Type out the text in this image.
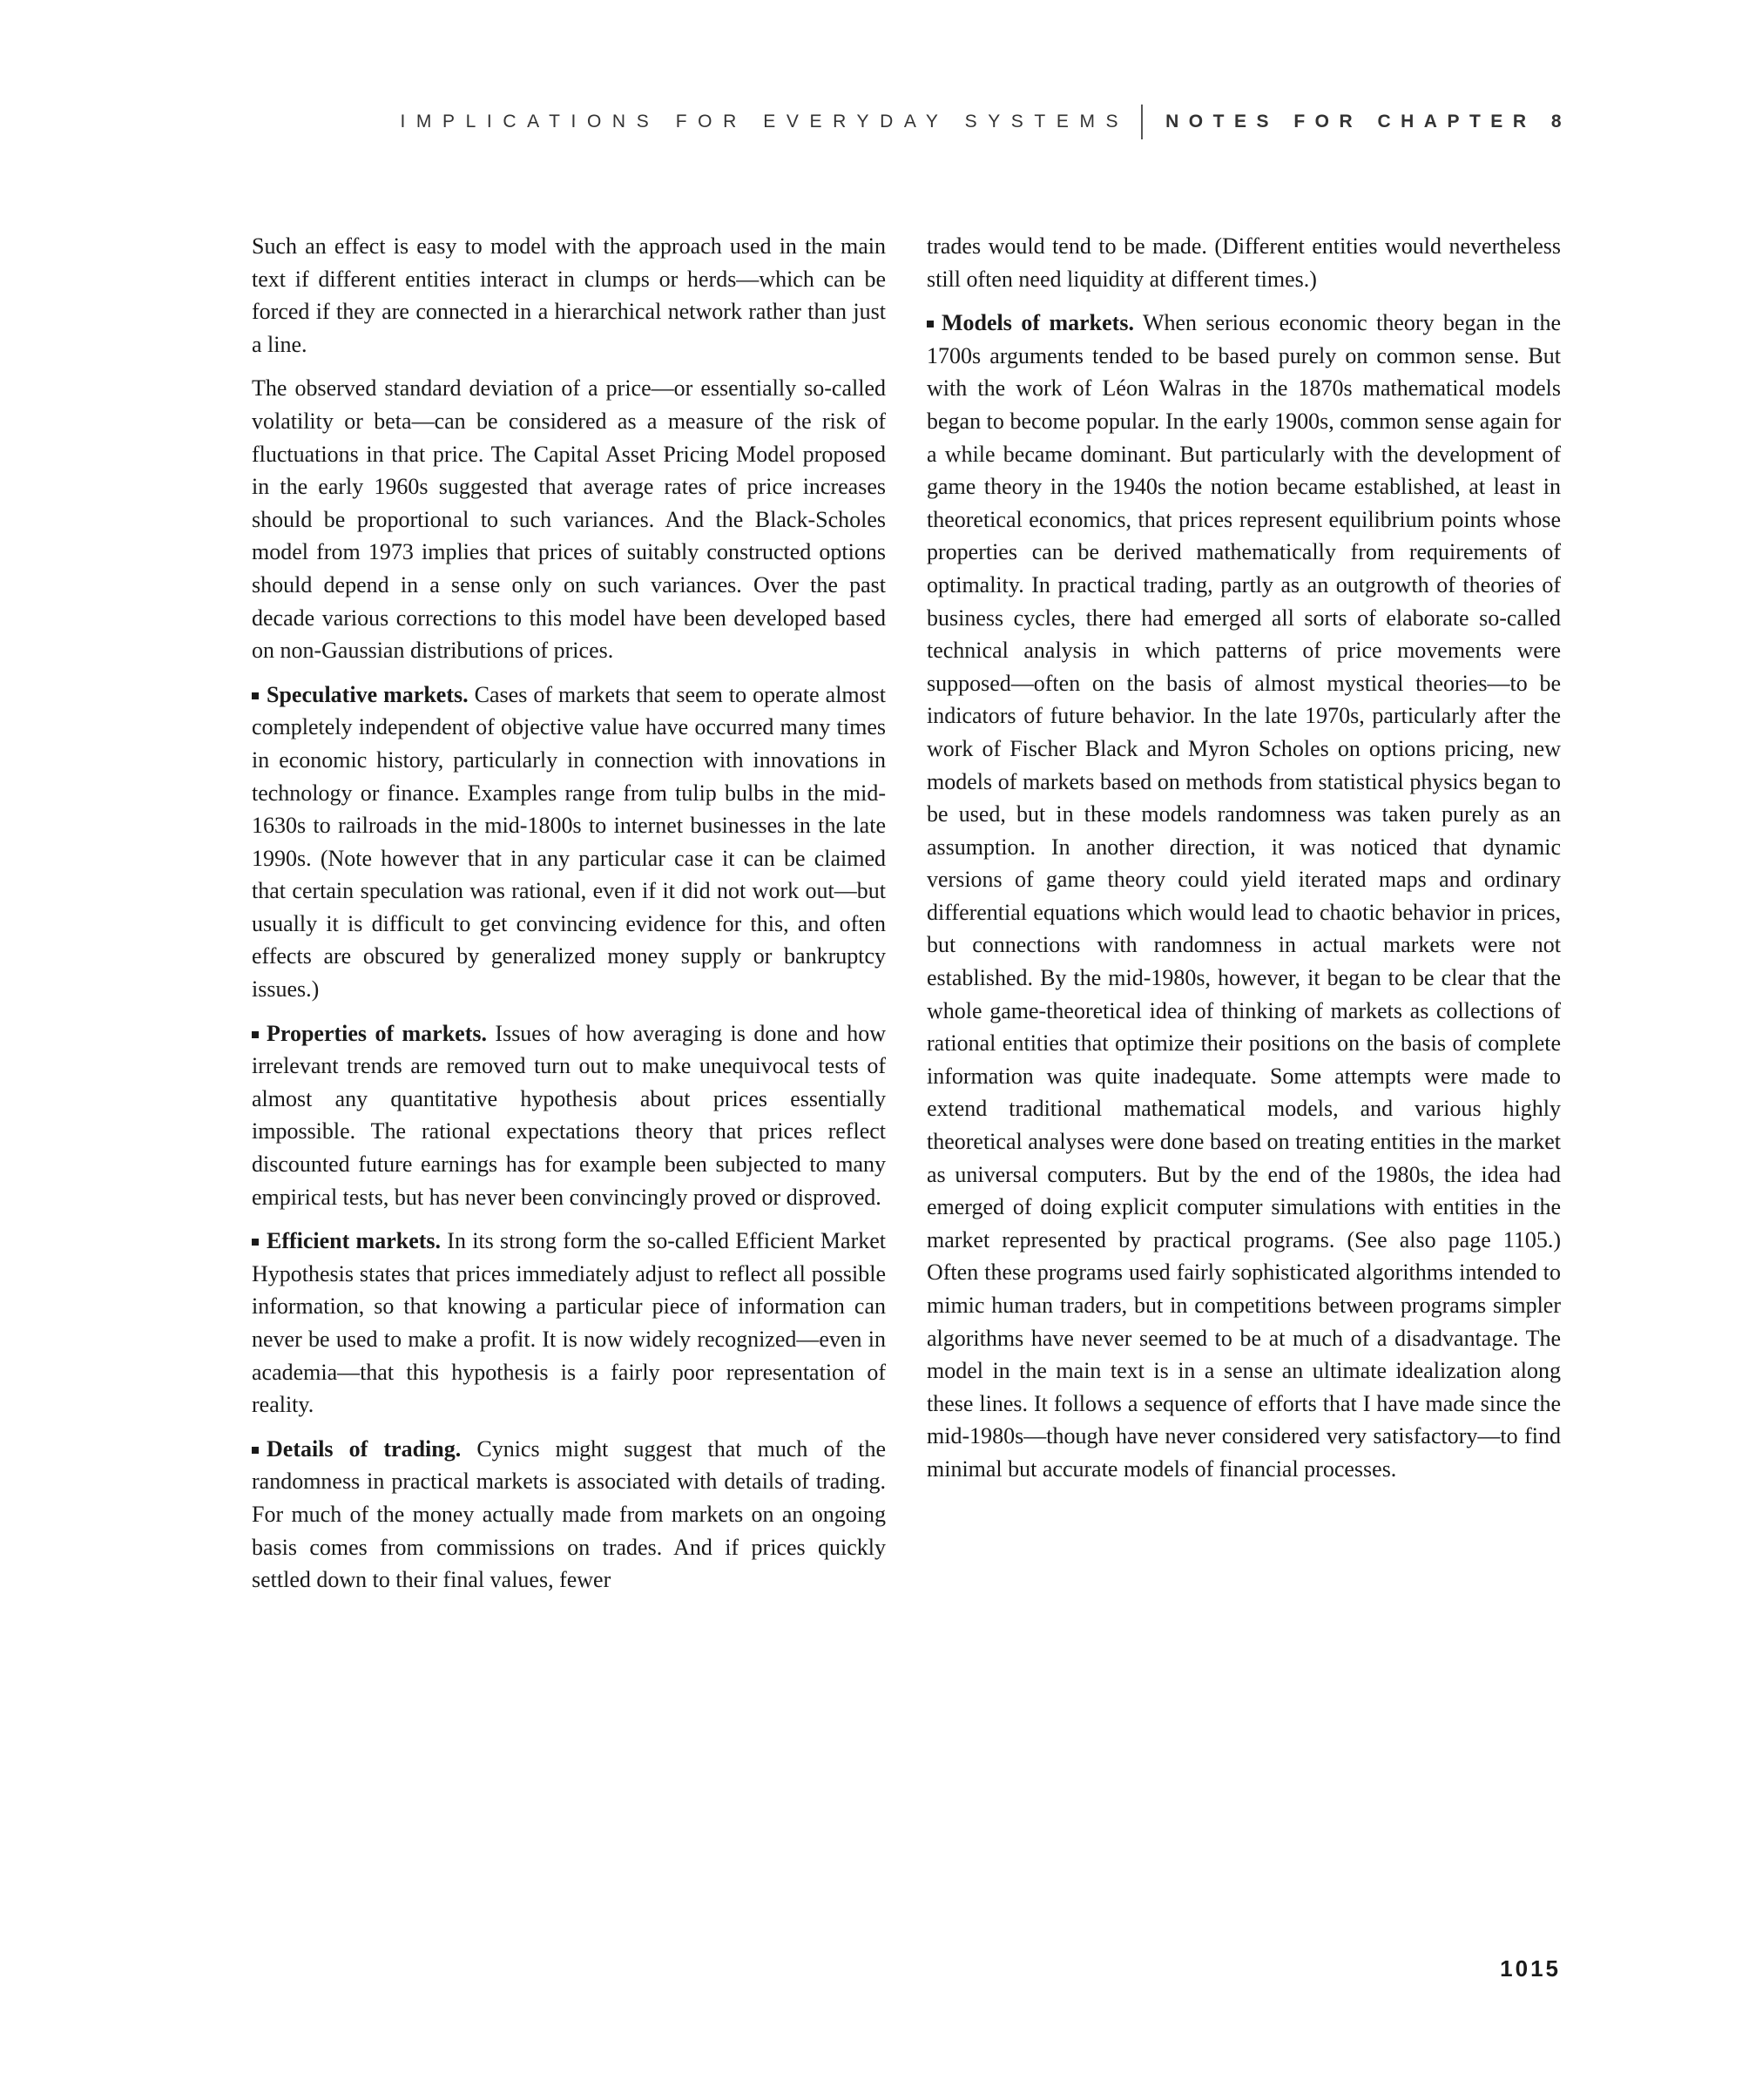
IMPLICATIONS FOR EVERYDAY SYSTEMS NOTES FOR CHAPTER 8

Such an effect is easy to model with the approach used in the main text if different entities interact in clumps or herds—which can be forced if they are connected in a hierarchical network rather than just a line.

The observed standard deviation of a price—or essentially so-called volatility or beta—can be considered as a measure of the risk of fluctuations in that price. The Capital Asset Pricing Model proposed in the early 1960s suggested that average rates of price increases should be proportional to such variances. And the Black-Scholes model from 1973 implies that prices of suitably constructed options should depend in a sense only on such variances. Over the past decade various corrections to this model have been developed based on non-Gaussian distributions of prices.

Speculative markets. Cases of markets that seem to operate almost completely independent of objective value have occurred many times in economic history, particularly in connection with innovations in technology or finance. Examples range from tulip bulbs in the mid-1630s to railroads in the mid-1800s to internet businesses in the late 1990s. (Note however that in any particular case it can be claimed that certain speculation was rational, even if it did not work out—but usually it is difficult to get convincing evidence for this, and often effects are obscured by generalized money supply or bankruptcy issues.)

Properties of markets. Issues of how averaging is done and how irrelevant trends are removed turn out to make unequivocal tests of almost any quantitative hypothesis about prices essentially impossible. The rational expectations theory that prices reflect discounted future earnings has for example been subjected to many empirical tests, but has never been convincingly proved or disproved.

Efficient markets. In its strong form the so-called Efficient Market Hypothesis states that prices immediately adjust to reflect all possible information, so that knowing a particular piece of information can never be used to make a profit. It is now widely recognized—even in academia—that this hypothesis is a fairly poor representation of reality.

Details of trading. Cynics might suggest that much of the randomness in practical markets is associated with details of trading. For much of the money actually made from markets on an ongoing basis comes from commissions on trades. And if prices quickly settled down to their final values, fewer

trades would tend to be made. (Different entities would nevertheless still often need liquidity at different times.)

Models of markets. When serious economic theory began in the 1700s arguments tended to be based purely on common sense. But with the work of Léon Walras in the 1870s mathematical models began to become popular. In the early 1900s, common sense again for a while became dominant. But particularly with the development of game theory in the 1940s the notion became established, at least in theoretical economics, that prices represent equilibrium points whose properties can be derived mathematically from requirements of optimality. In practical trading, partly as an outgrowth of theories of business cycles, there had emerged all sorts of elaborate so-called technical analysis in which patterns of price movements were supposed—often on the basis of almost mystical theories—to be indicators of future behavior. In the late 1970s, particularly after the work of Fischer Black and Myron Scholes on options pricing, new models of markets based on methods from statistical physics began to be used, but in these models randomness was taken purely as an assumption. In another direction, it was noticed that dynamic versions of game theory could yield iterated maps and ordinary differential equations which would lead to chaotic behavior in prices, but connections with randomness in actual markets were not established. By the mid-1980s, however, it began to be clear that the whole game-theoretical idea of thinking of markets as collections of rational entities that optimize their positions on the basis of complete information was quite inadequate. Some attempts were made to extend traditional mathematical models, and various highly theoretical analyses were done based on treating entities in the market as universal computers. But by the end of the 1980s, the idea had emerged of doing explicit computer simulations with entities in the market represented by practical programs. (See also page 1105.) Often these programs used fairly sophisticated algorithms intended to mimic human traders, but in competitions between programs simpler algorithms have never seemed to be at much of a disadvantage. The model in the main text is in a sense an ultimate idealization along these lines. It follows a sequence of efforts that I have made since the mid-1980s—though have never considered very satisfactory—to find minimal but accurate models of financial processes.

1015
